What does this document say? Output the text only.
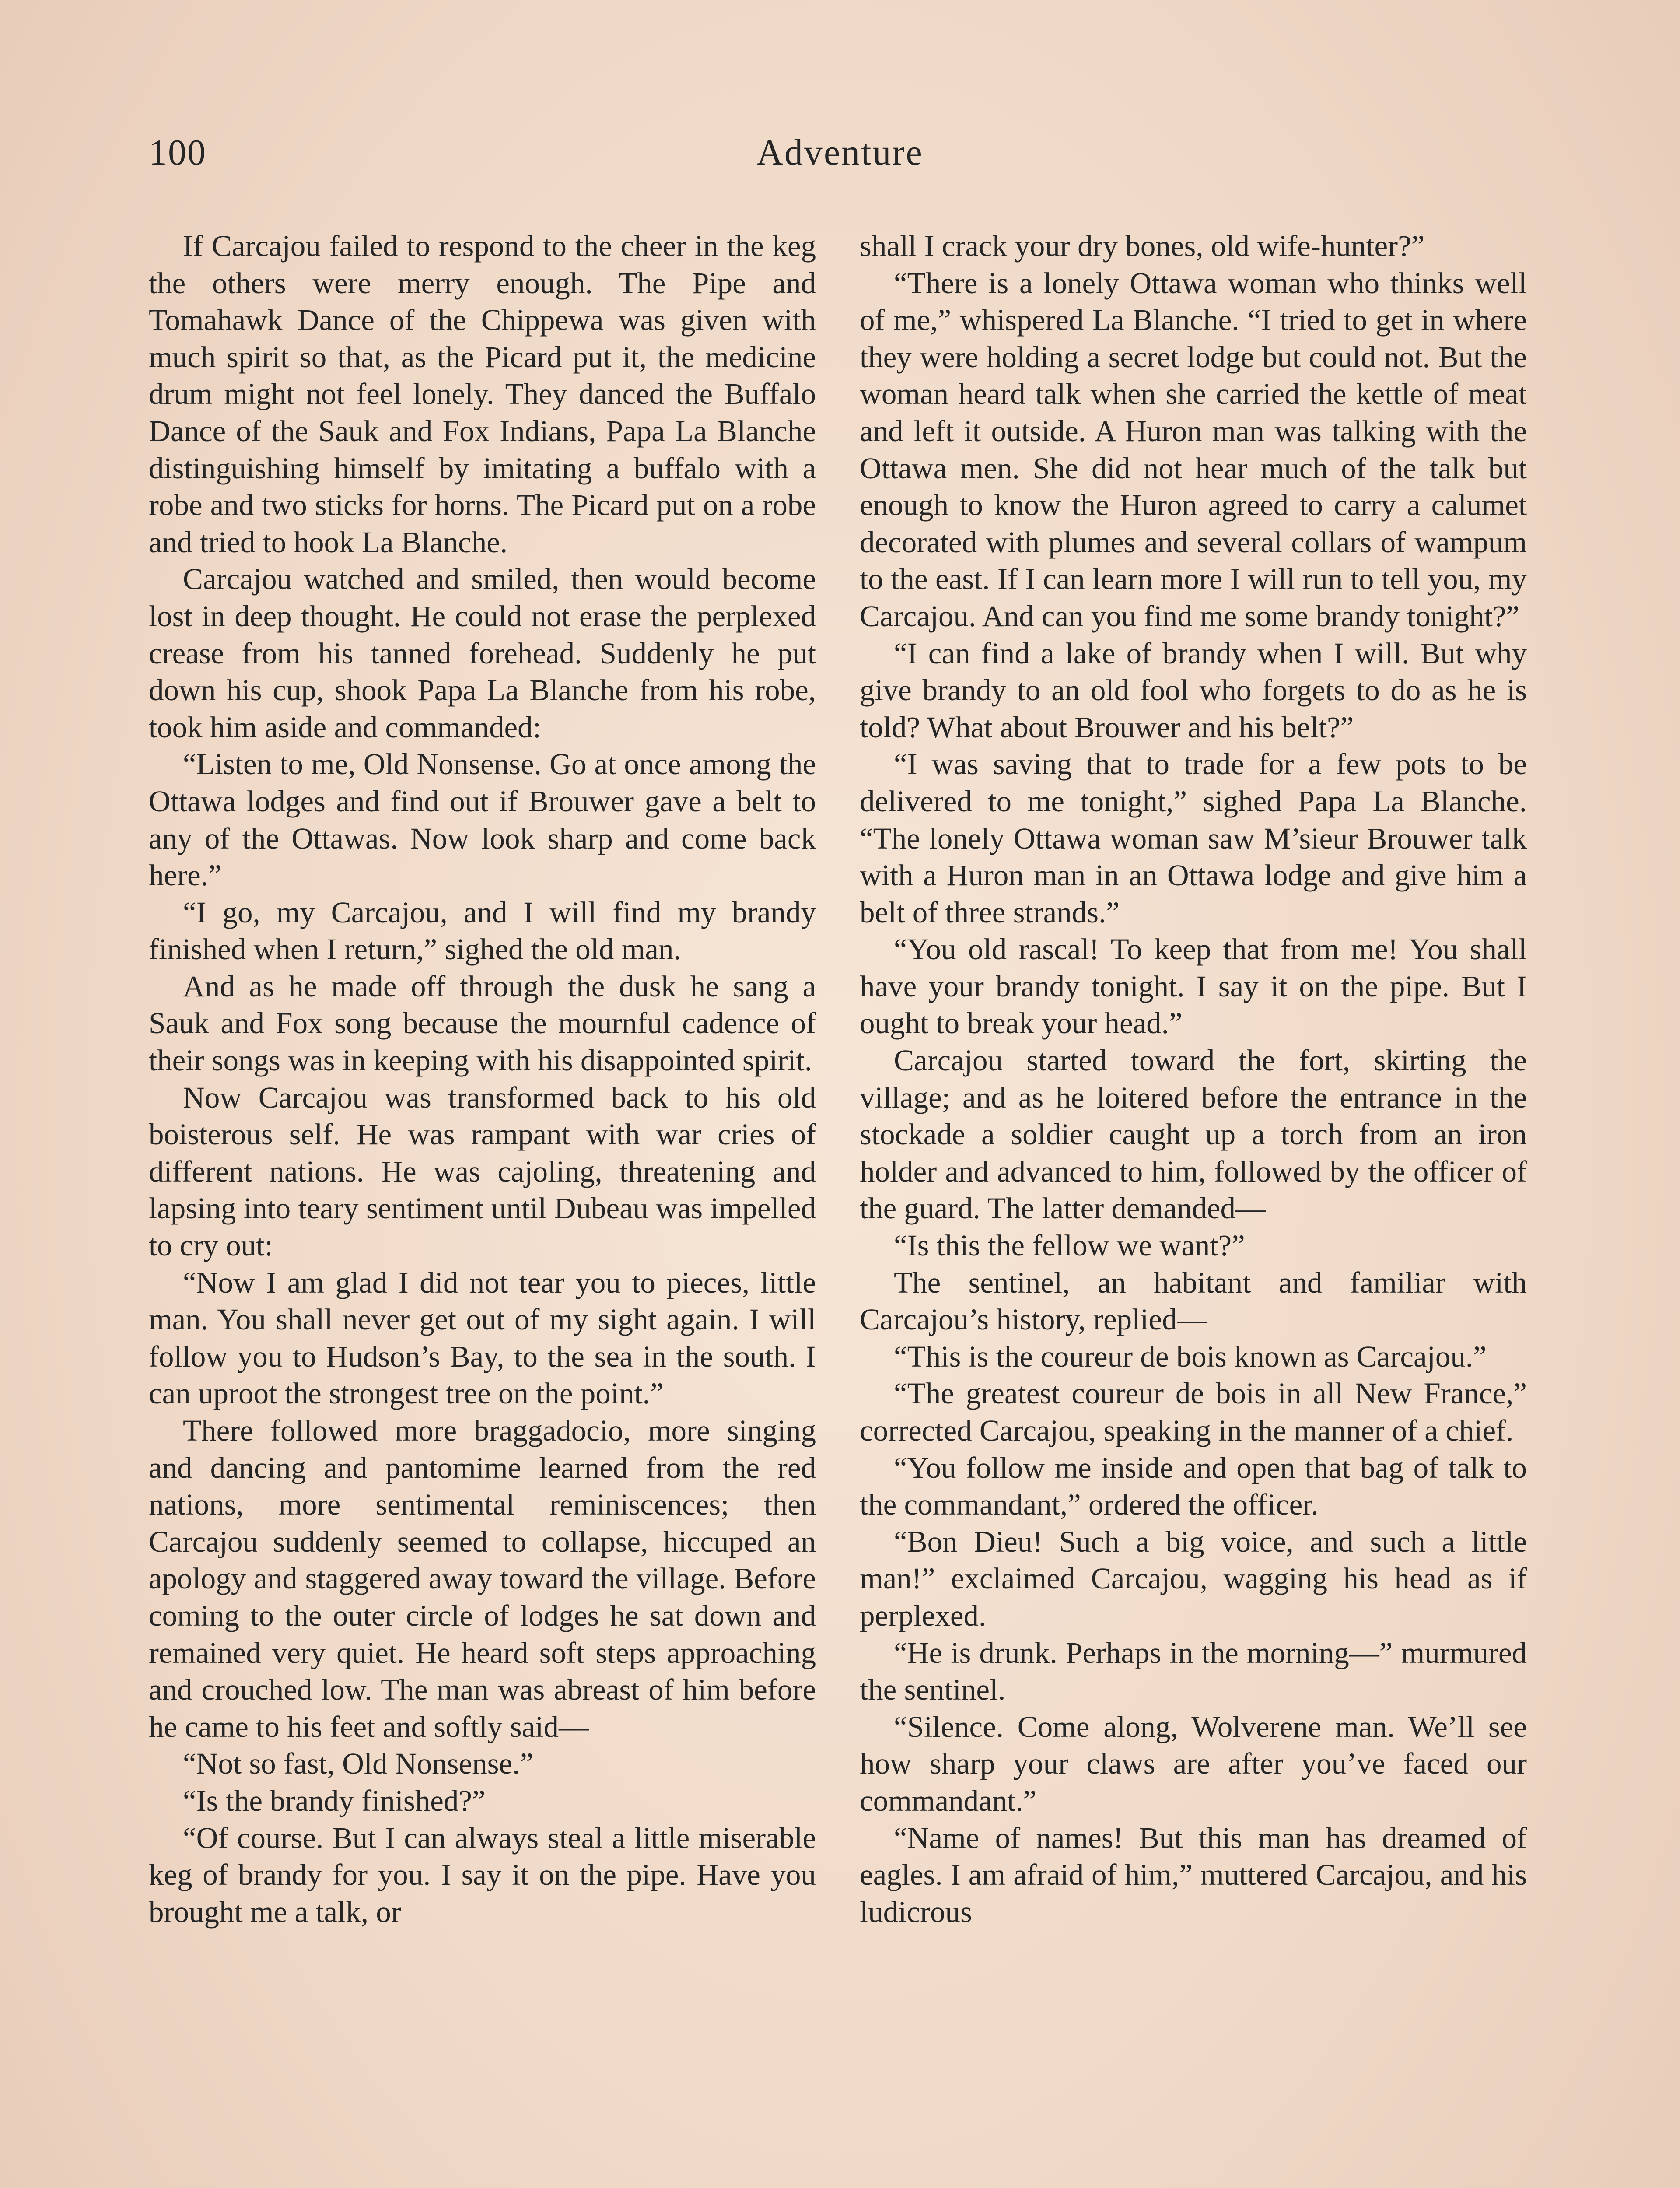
100	Adventure

If Carcajou failed to respond to the cheer in the keg the others were merry enough. The Pipe and Tomahawk Dance of the Chippewa was given with much spirit so that, as the Picard put it, the medicine drum might not feel lonely. They danced the Buffalo Dance of the Sauk and Fox Indians, Papa La Blanche distinguishing himself by imitating a buffalo with a robe and two sticks for horns. The Picard put on a robe and tried to hook La Blanche.

Carcajou watched and smiled, then would become lost in deep thought. He could not erase the perplexed crease from his tanned forehead. Suddenly he put down his cup, shook Papa La Blanche from his robe, took him aside and commanded:

“Listen to me, Old Nonsense. Go at once among the Ottawa lodges and find out if Brouwer gave a belt to any of the Ottawas. Now look sharp and come back here.”

“I go, my Carcajou, and I will find my brandy finished when I return,” sighed the old man.

And as he made off through the dusk he sang a Sauk and Fox song because the mournful cadence of their songs was in keeping with his disappointed spirit.

Now Carcajou was transformed back to his old boisterous self. He was rampant with war cries of different nations. He was cajoling, threatening and lapsing into teary sentiment until Dubeau was impelled to cry out:

“Now I am glad I did not tear you to pieces, little man. You shall never get out of my sight again. I will follow you to Hudson’s Bay, to the sea in the south. I can uproot the strongest tree on the point.”

There followed more braggadocio, more singing and dancing and pantomime learned from the red nations, more sentimental reminiscences; then Carcajou suddenly seemed to collapse, hiccuped an apology and staggered away toward the village. Before coming to the outer circle of lodges he sat down and remained very quiet. He heard soft steps approaching and crouched low. The man was abreast of him before he came to his feet and softly said—

“Not so fast, Old Nonsense.”

“Is the brandy finished?”

“Of course. But I can always steal a little miserable keg of brandy for you. I say it on the pipe. Have you brought me a talk, or

shall I crack your dry bones, old wife-hunter?”

“There is a lonely Ottawa woman who thinks well of me,” whispered La Blanche. “I tried to get in where they were holding a secret lodge but could not. But the woman heard talk when she carried the kettle of meat and left it outside. A Huron man was talking with the Ottawa men. She did not hear much of the talk but enough to know the Huron agreed to carry a calumet decorated with plumes and several collars of wampum to the east. If I can learn more I will run to tell you, my Carcajou. And can you find me some brandy tonight?”

“I can find a lake of brandy when I will. But why give brandy to an old fool who forgets to do as he is told? What about Brouwer and his belt?”

“I was saving that to trade for a few pots to be delivered to me tonight,” sighed Papa La Blanche. “The lonely Ottawa woman saw M’sieur Brouwer talk with a Huron man in an Ottawa lodge and give him a belt of three strands.”

“You old rascal! To keep that from me! You shall have your brandy tonight. I say it on the pipe. But I ought to break your head.”

Carcajou started toward the fort, skirting the village; and as he loitered before the entrance in the stockade a soldier caught up a torch from an iron holder and advanced to him, followed by the officer of the guard. The latter demanded—

“Is this the fellow we want?”

The sentinel, an habitant and familiar with Carcajou’s history, replied—

“This is the coureur de bois known as Carcajou.”

“The greatest coureur de bois in all New France,” corrected Carcajou, speaking in the manner of a chief.

“You follow me inside and open that bag of talk to the commandant,” ordered the officer.

“Bon Dieu! Such a big voice, and such a little man!” exclaimed Carcajou, wagging his head as if perplexed.

“He is drunk. Perhaps in the morning—” murmured the sentinel.

“Silence. Come along, Wolverene man. We’ll see how sharp your claws are after you’ve faced our commandant.”

“Name of names! But this man has dreamed of eagles. I am afraid of him,” muttered Carcajou, and his ludicrous
